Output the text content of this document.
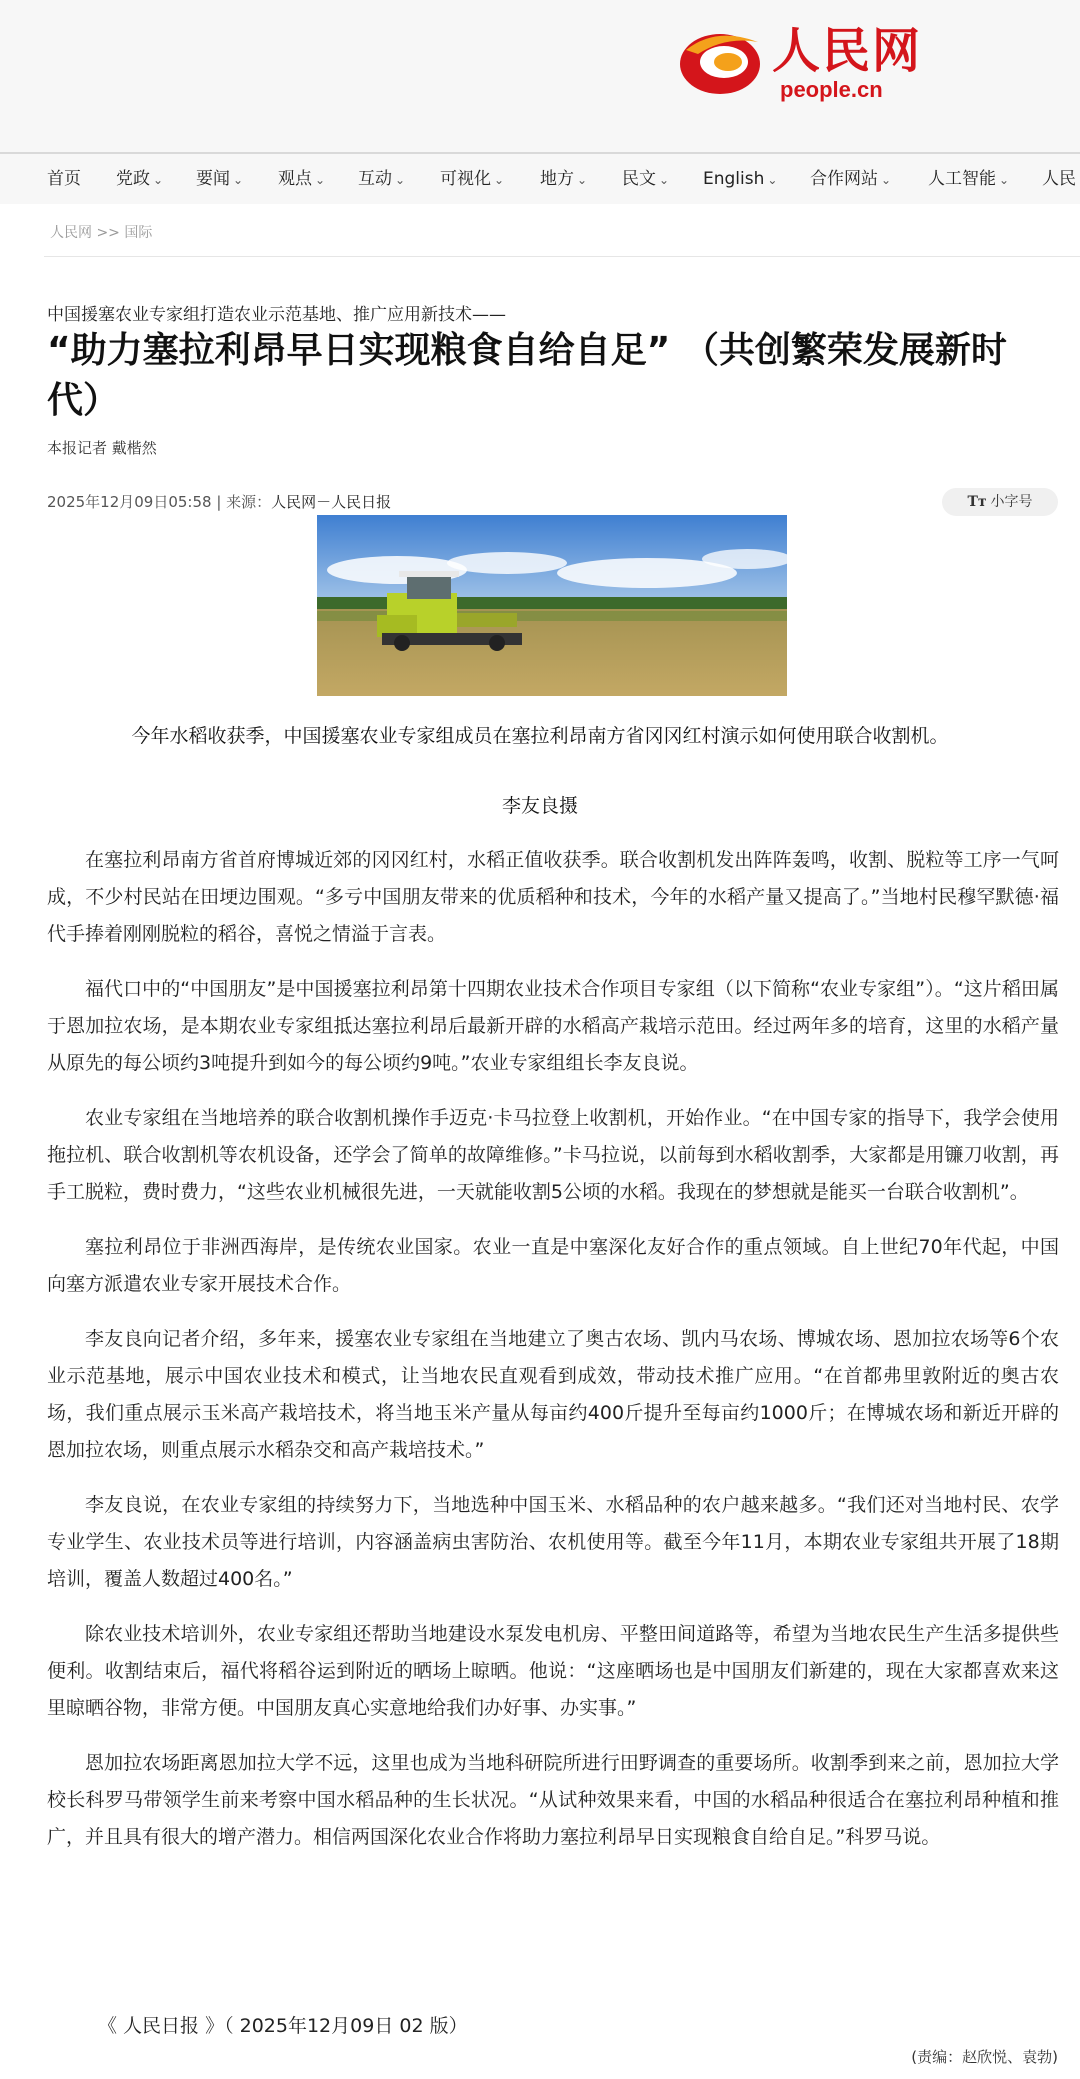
人民网
people.cn
首页 党政 ⌄ 要闻 ⌄ 观点 ⌄ 互动 ⌄ 可视化 ⌄ 地方 ⌄ 民文 ⌄ English ⌄ 合作网站 ⌄ 人工智能 ⌄ 人民
人民网 >> 国际
中国援塞农业专家组打造农业示范基地、推广应用新技术——
“助力塞拉利昂早日实现粮食自给自足” （共创繁荣发展新时代）
本报记者 戴楷然
2025年12月09日05:58 | 来源：人民网－人民日报	Tт 小字号
今年水稻收获季，中国援塞农业专家组成员在塞拉利昂南方省冈冈红村演示如何使用联合收割机。
李友良摄

在塞拉利昂南方省首府博城近郊的冈冈红村，水稻正值收获季。联合收割机发出阵阵轰鸣，收割、脱粒等工序一气呵成，不少村民站在田埂边围观。“多亏中国朋友带来的优质稻种和技术，今年的水稻产量又提高了。”当地村民穆罕默德·福代手捧着刚刚脱粒的稻谷，喜悦之情溢于言表。

福代口中的“中国朋友”是中国援塞拉利昂第十四期农业技术合作项目专家组（以下简称“农业专家组”）。“这片稻田属于恩加拉农场，是本期农业专家组抵达塞拉利昂后最新开辟的水稻高产栽培示范田。经过两年多的培育，这里的水稻产量从原先的每公顷约3吨提升到如今的每公顷约9吨。”农业专家组组长李友良说。

农业专家组在当地培养的联合收割机操作手迈克·卡马拉登上收割机，开始作业。“在中国专家的指导下，我学会使用拖拉机、联合收割机等农机设备，还学会了简单的故障维修。”卡马拉说，以前每到水稻收割季，大家都是用镰刀收割，再手工脱粒，费时费力，“这些农业机械很先进，一天就能收割5公顷的水稻。我现在的梦想就是能买一台联合收割机”。

塞拉利昂位于非洲西海岸，是传统农业国家。农业一直是中塞深化友好合作的重点领域。自上世纪70年代起，中国向塞方派遣农业专家开展技术合作。

李友良向记者介绍，多年来，援塞农业专家组在当地建立了奥古农场、凯内马农场、博城农场、恩加拉农场等6个农业示范基地，展示中国农业技术和模式，让当地农民直观看到成效，带动技术推广应用。“在首都弗里敦附近的奥古农场，我们重点展示玉米高产栽培技术，将当地玉米产量从每亩约400斤提升至每亩约1000斤；在博城农场和新近开辟的恩加拉农场，则重点展示水稻杂交和高产栽培技术。”

李友良说，在农业专家组的持续努力下，当地选种中国玉米、水稻品种的农户越来越多。“我们还对当地村民、农学专业学生、农业技术员等进行培训，内容涵盖病虫害防治、农机使用等。截至今年11月，本期农业专家组共开展了18期培训，覆盖人数超过400名。”

除农业技术培训外，农业专家组还帮助当地建设水泵发电机房、平整田间道路等，希望为当地农民生产生活多提供些便利。收割结束后，福代将稻谷运到附近的晒场上晾晒。他说：“这座晒场也是中国朋友们新建的，现在大家都喜欢来这里晾晒谷物，非常方便。中国朋友真心实意地给我们办好事、办实事。”

恩加拉农场距离恩加拉大学不远，这里也成为当地科研院所进行田野调查的重要场所。收割季到来之前，恩加拉大学校长科罗马带领学生前来考察中国水稻品种的生长状况。“从试种效果来看，中国的水稻品种很适合在塞拉利昂种植和推广，并且具有很大的增产潜力。相信两国深化农业合作将助力塞拉利昂早日实现粮食自给自足。”科罗马说。

《 人民日报 》（ 2025年12月09日 02 版）
(责编：赵欣悦、袁勃)
